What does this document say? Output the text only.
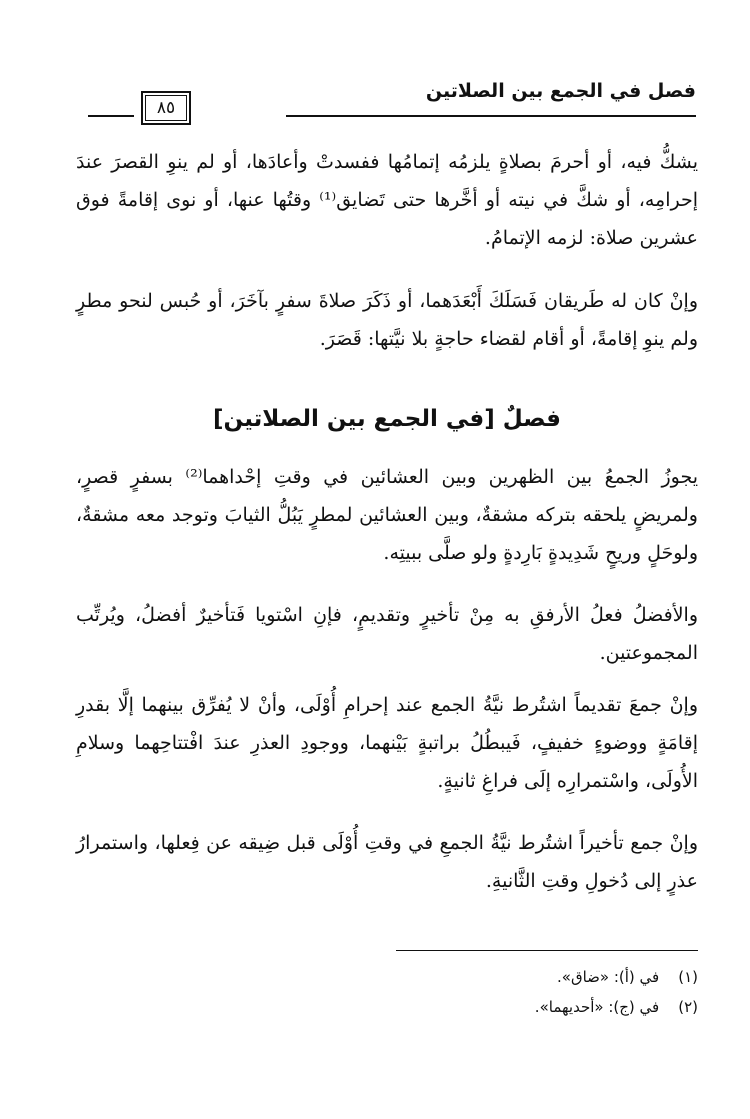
٨٥
فصل في الجمع بين الصلاتين

يشكُّ فيه، أو أحرمَ بصلاةٍ يلزمُه إتمامُها ففسدتْ وأعادَها، أو لم ينوِ القصرَ عندَ إحرامِه، أو شكَّ في نيته أو أخَّرها حتى تَضايق⁽¹⁾ وقتُها عنها، أو نوى إقامةً فوق عشرين صلاة: لزمه الإتمامُ.

وإنْ كان له طَريقان فَسَلَكَ أَبْعَدَهما، أو ذَكَرَ صلاةَ سفرٍ بآخَرَ، أو حُبس لنحو مطرٍ ولم ينوِ إقامةً، أو أقام لقضاء حاجةٍ بلا نيَّتها: قَصَرَ.

فصلٌ [في الجمع بين الصلاتين]

يجوزُ الجمعُ بين الظهرين وبين العشائين في وقتِ إحْداهما⁽²⁾ بسفرٍ قصرٍ، ولمريضٍ يلحقه بتركه مشقةٌ، وبين العشائين لمطرٍ يَبُلُّ الثيابَ وتوجد معه مشقةٌ، ولوحَلٍ وريحٍ شَدِيدةٍ بَارِدةٍ ولو صلَّى ببيتِه.

والأفضلُ فعلُ الأرفقِ به مِنْ تأخيرٍ وتقديمٍ، فإنِ اسْتويا فَتأخيرٌ أفضلُ، ويُرتِّب المجموعتين.

وإنْ جمعَ تقديماً اشتُرط نيَّةُ الجمع عند إحرامِ أُوْلَى، وأنْ لا يُفرِّق بينهما إلَّا بقدرِ إقامَةٍ ووضوءٍ خفيفٍ، فَيبطُلُ براتبةٍ بَيْنهما، ووجودِ العذرِ عندَ افْتتاحِهما وسلامِ الأُولَى، واسْتمرارِه إلَى فراغِ ثانيةٍ.

وإنْ جمع تأخيراً اشتُرط نيَّةُ الجمعِ في وقتِ أُوْلَى قبل ضِيقه عن فِعلها، واستمرارُ عذرٍ إلى دُخولِ وقتِ الثَّانيةِ.

(١) في (أ): «ضاق».
(٢) في (ج): «أحديهما».
